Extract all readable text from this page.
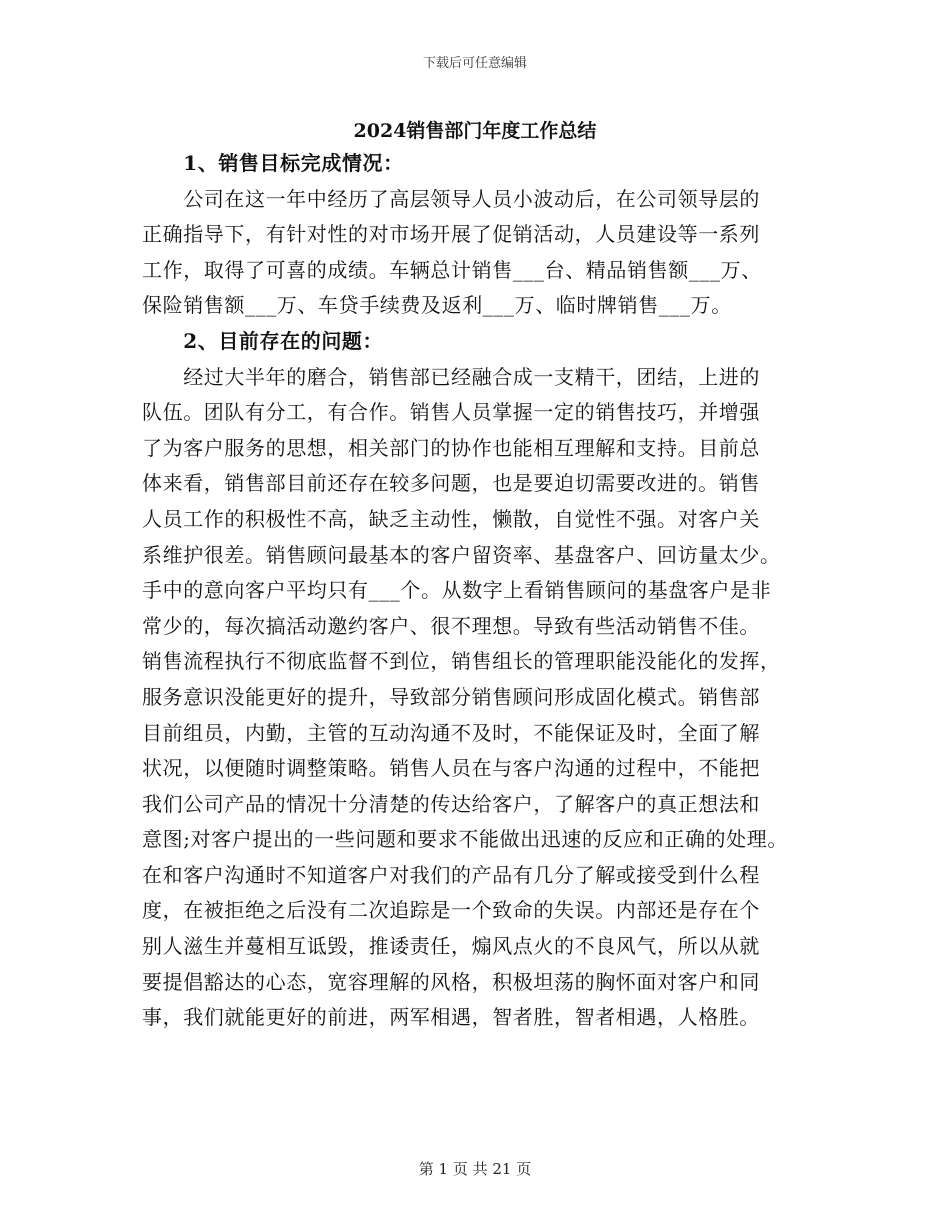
下载后可任意编辑
2024销售部门年度工作总结
　　1、销售目标完成情况：
　　公司在这一年中经历了高层领导人员小波动后，在公司领导层的
正确指导下，有针对性的对市场开展了促销活动，人员建设等一系列
工作，取得了可喜的成绩。车辆总计销售___台、精品销售额___万、
保险销售额___万、车贷手续费及返利___万、临时牌销售___万。
　　2、目前存在的问题：
　　经过大半年的磨合，销售部已经融合成一支精干，团结，上进的
队伍。团队有分工，有合作。销售人员掌握一定的销售技巧，并增强
了为客户服务的思想，相关部门的协作也能相互理解和支持。目前总
体来看，销售部目前还存在较多问题，也是要迫切需要改进的。销售
人员工作的积极性不高，缺乏主动性，懒散，自觉性不强。对客户关
系维护很差。销售顾问最基本的客户留资率、基盘客户、回访量太少。
手中的意向客户平均只有___个。从数字上看销售顾问的基盘客户是非
常少的，每次搞活动邀约客户、很不理想。导致有些活动销售不佳。
销售流程执行不彻底监督不到位，销售组长的管理职能没能化的发挥，
服务意识没能更好的提升，导致部分销售顾问形成固化模式。销售部
目前组员，内勤，主管的互动沟通不及时，不能保证及时，全面了解
状况，以便随时调整策略。销售人员在与客户沟通的过程中，不能把
我们公司产品的情况十分清楚的传达给客户，了解客户的真正想法和
意图;对客户提出的一些问题和要求不能做出迅速的反应和正确的处理。
在和客户沟通时不知道客户对我们的产品有几分了解或接受到什么程
度，在被拒绝之后没有二次追踪是一个致命的失误。内部还是存在个
别人滋生并蔓相互诋毁，推诿责任，煽风点火的不良风气，所以从就
要提倡豁达的心态，宽容理解的风格，积极坦荡的胸怀面对客户和同
事，我们就能更好的前进，两军相遇，智者胜，智者相遇，人格胜。
第 1 页 共 21 页
